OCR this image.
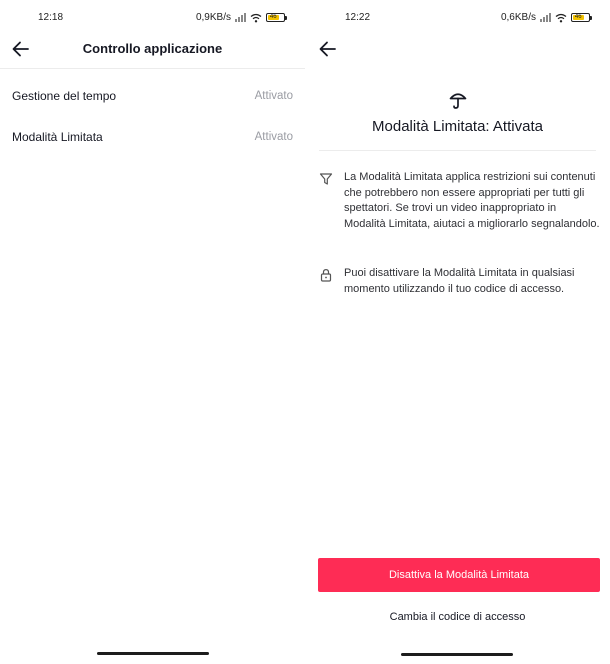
12:18	0,9KB/s	46
Controllo applicazione
Gestione del tempo	Attivato
Modalità Limitata	Attivato
12:22	0,6KB/s	46
Modalità Limitata: Attivata
La Modalità Limitata applica restrizioni sui contenuti che potrebbero non essere appropriati per tutti gli spettatori. Se trovi un video inappropriato in Modalità Limitata, aiutaci a migliorarlo segnalandolo.
Puoi disattivare la Modalità Limitata in qualsiasi momento utilizzando il tuo codice di accesso.
Disattiva la Modalità Limitata
Cambia il codice di accesso
